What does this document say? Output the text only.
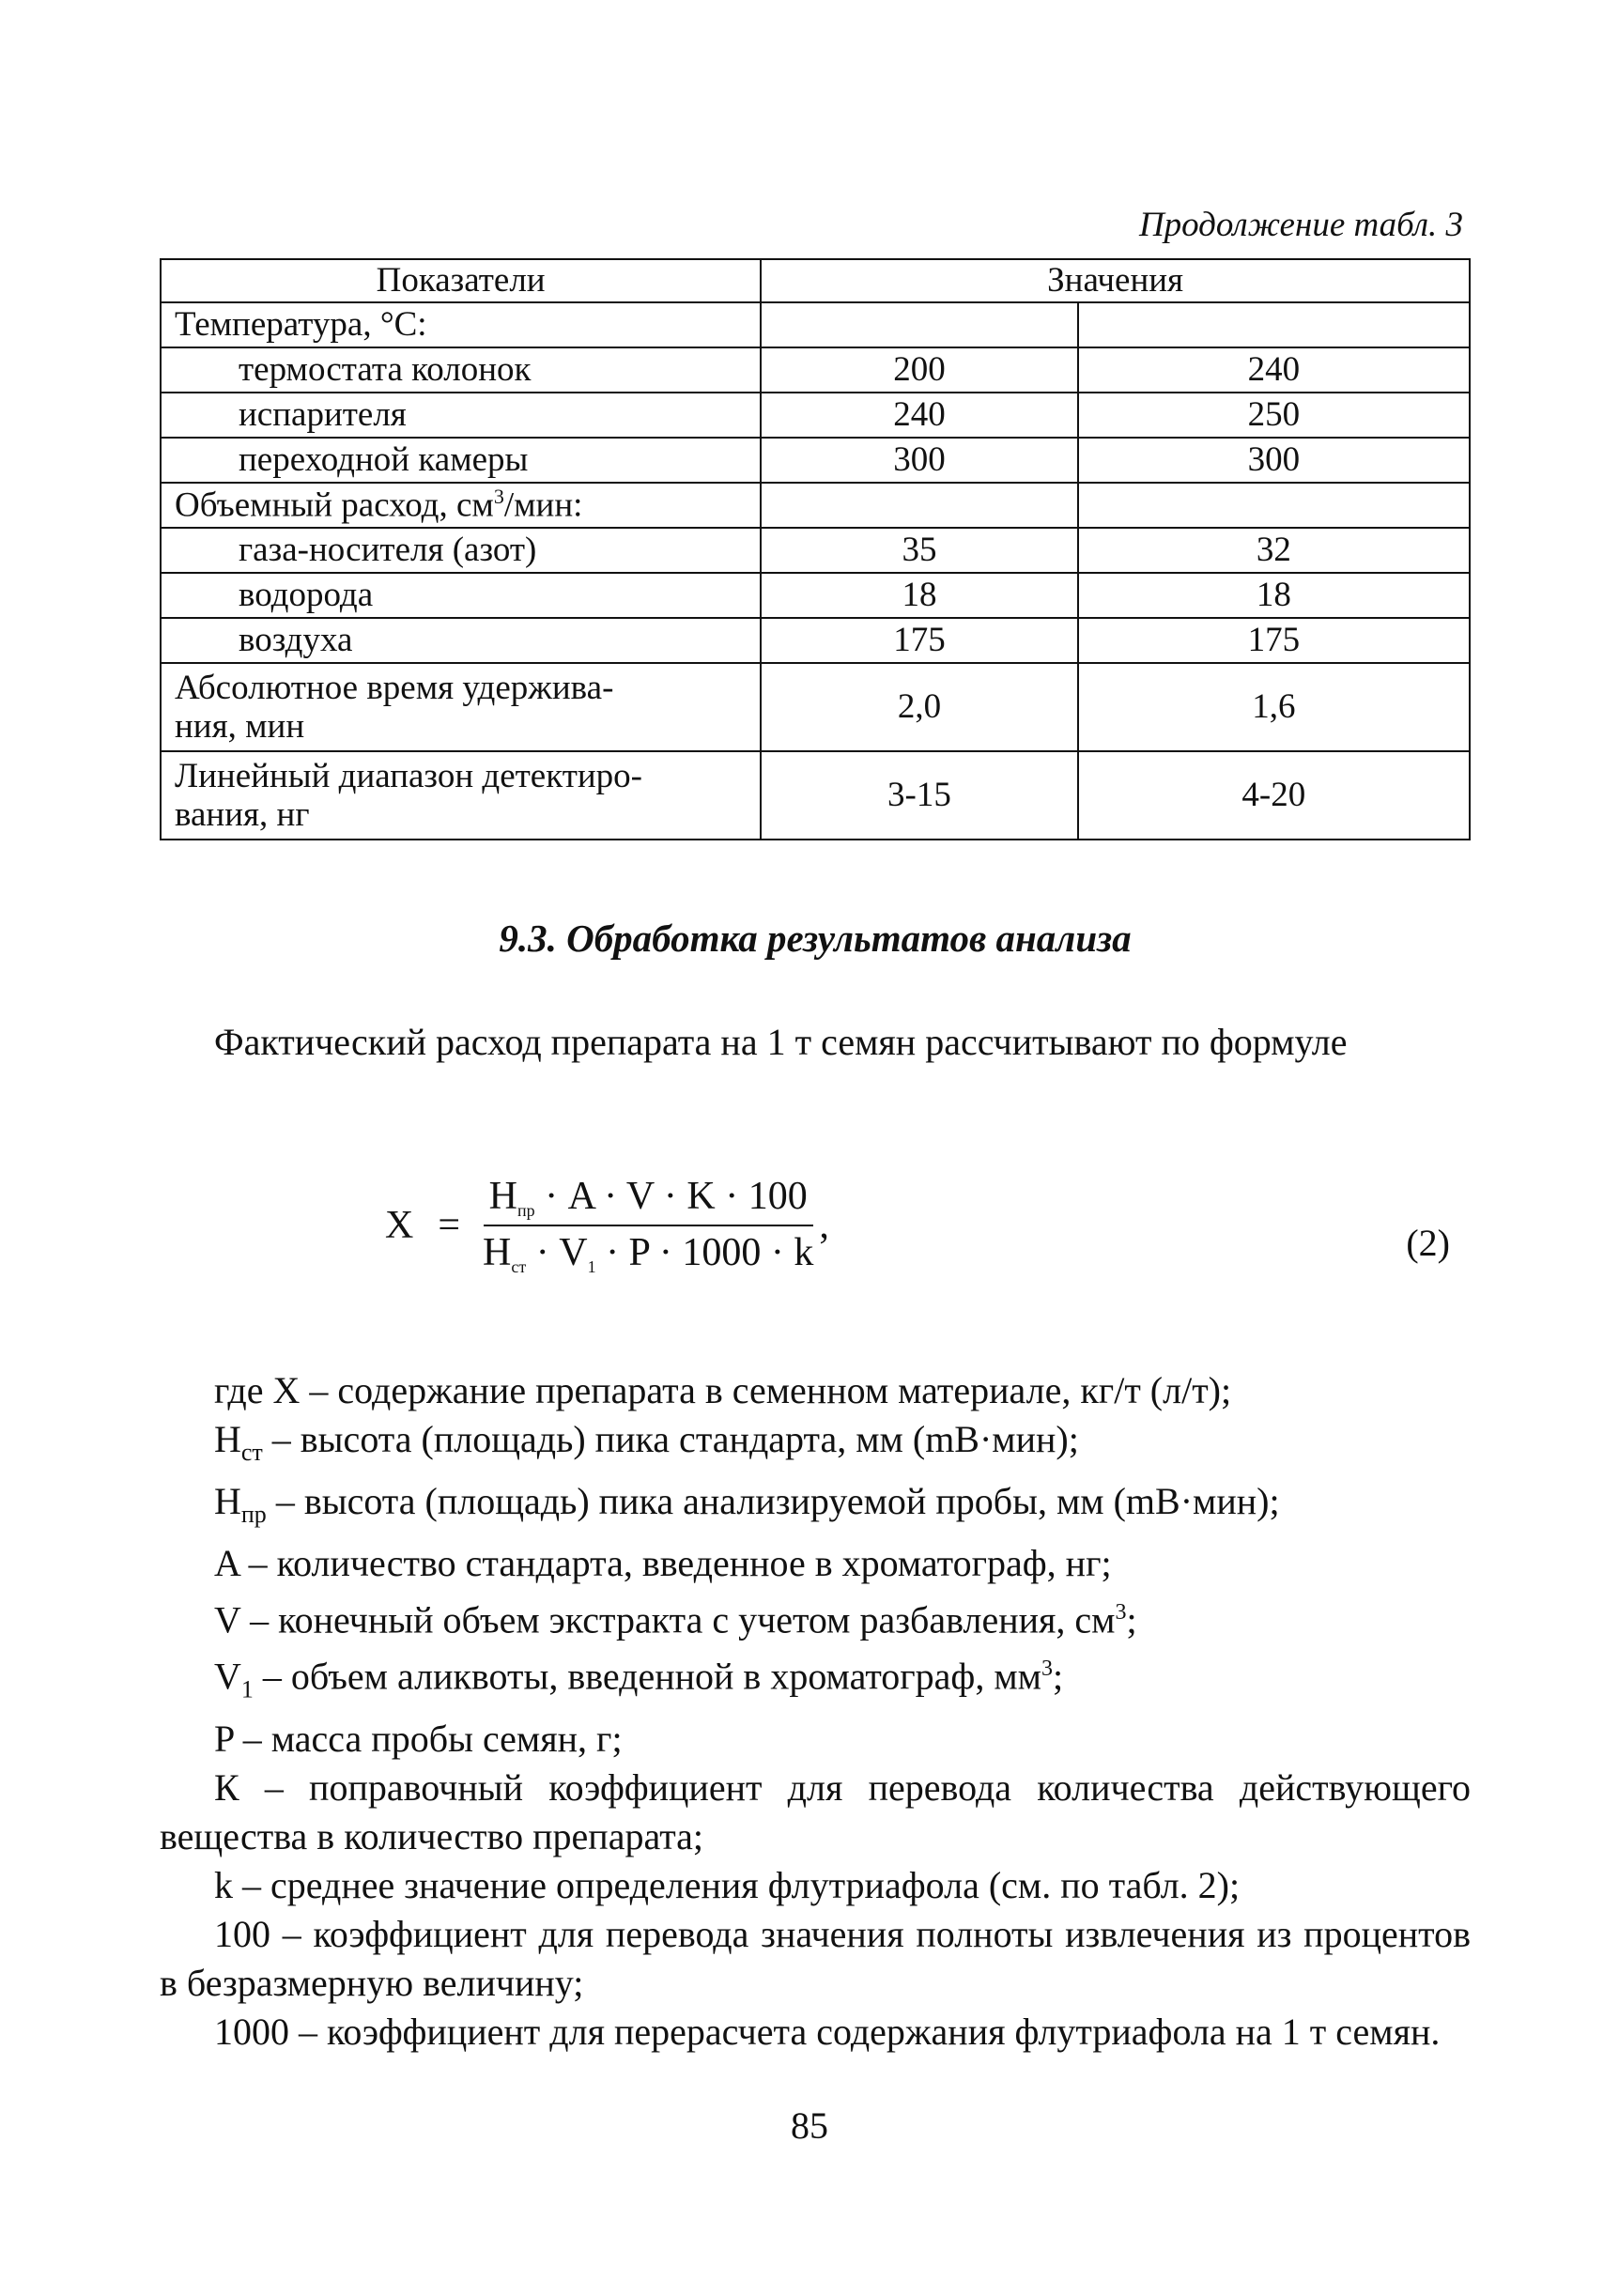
Продолжение табл. 3
Показатели	Значения	
Температура, °С:		
термостата колонок	200	240
испарителя	240	250
переходной камеры	300	300
Объемный расход, $см^3$/мин:		
газа-носителя (азот)	35	32
водорода	18	18
воздуха	175	175
Абсолютное время удержива-
ния, мин	2,0	1,6
Линейный диапазон детектиро-
вания, нг	3-15	4-20
9.3. Обработка результатов анализа
Фактический расход препарата на 1 т семян рассчитывают по формуле
$X = \frac{H_{пр} \cdot A \cdot V \cdot K \cdot 100}{H_{ст} \cdot V_1 \cdot P \cdot 1000 \cdot k}$ ,	(2)

где X – содержание препарата в семенном материале, кг/т (л/т);

$H_{ст}$ – высота (площадь) пика стандарта, мм (mB·мин);

$H_{пр}$ – высота (площадь) пика анализируемой пробы, мм (mB·мин);

A – количество стандарта, введенное в хроматограф, нг;

V – конечный объем экстракта с учетом разбавления, $см^3$;

$V_1$ – объем аликвоты, введенной в хроматограф, $мм^3$;

P – масса пробы семян, г;

К – поправочный коэффициент для перевода количества действующего вещества в количество препарата;

k – среднее значение определения флутриафола (см. по табл. 2);

100 – коэффициент для перевода значения полноты извлечения из процентов в безразмерную величину;

1000 – коэффициент для перерасчета содержания флутриафола на 1 т семян.

85
